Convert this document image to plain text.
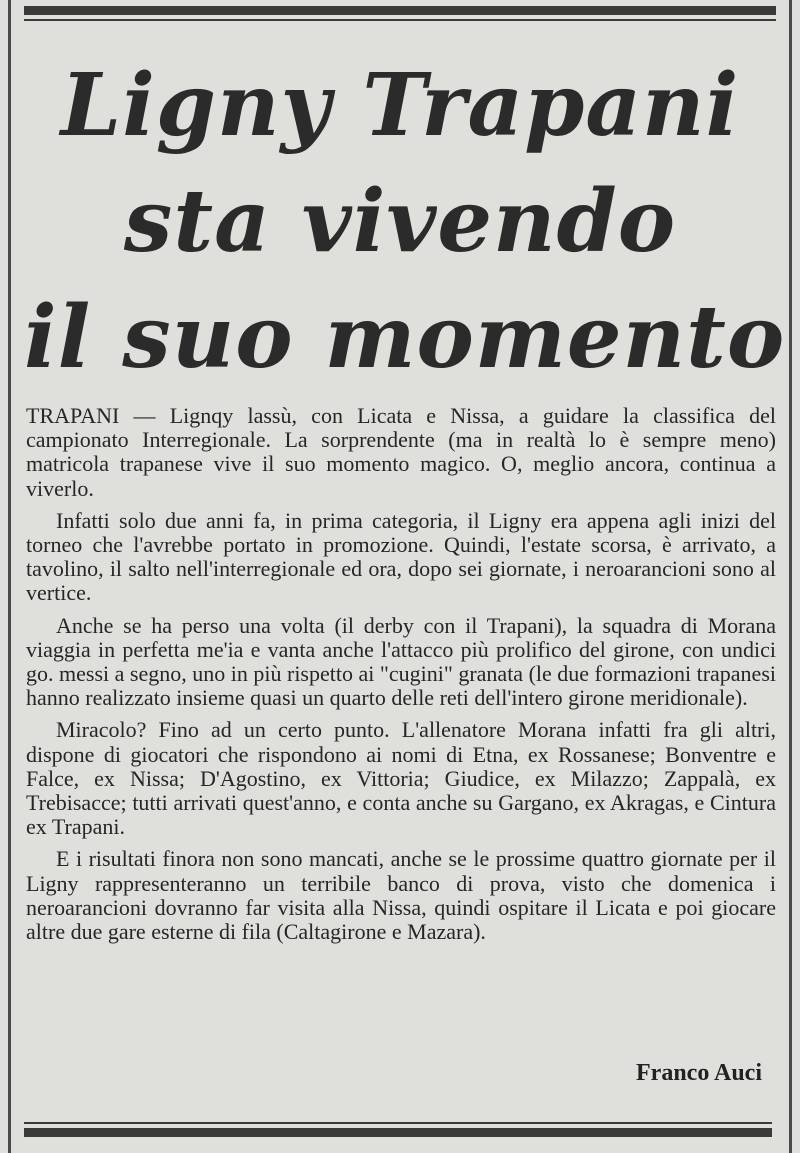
Ligny Trapani
sta vivendo
il suo momento

TRAPANI — Lignqy lassù, con Licata e Nissa, a guidare la classifica del campionato Interregionale. La sorprendente (ma in realtà lo è sempre meno) matricola trapanese vive il suo momento magico. O, meglio ancora, continua a viverlo.

Infatti solo due anni fa, in prima categoria, il Ligny era appena agli inizi del torneo che l'avrebbe portato in promozione. Quindi, l'estate scorsa, è arrivato, a tavolino, il salto nell'interregionale ed ora, dopo sei giornate, i neroarancioni sono al vertice.

Anche se ha perso una volta (il derby con il Trapani), la squadra di Morana viaggia in perfetta me'ia e vanta anche l'attacco più prolifico del girone, con undici go. messi a segno, uno in più rispetto ai "cugini" granata (le due formazioni trapanesi hanno realizzato insieme quasi un quarto delle reti dell'intero girone meridionale).

Miracolo? Fino ad un certo punto. L'allenatore Morana infatti fra gli altri, dispone di giocatori che rispondono ai nomi di Etna, ex Rossanese; Bonventre e Falce, ex Nissa; D'Agostino, ex Vittoria; Giudice, ex Milazzo; Zappalà, ex Trebisacce; tutti arrivati quest'anno, e conta anche su Gargano, ex Akragas, e Cintura ex Trapani.

E i risultati finora non sono mancati, anche se le prossime quattro giornate per il Ligny rappresenteranno un terribile banco di prova, visto che domenica i neroarancioni dovranno far visita alla Nissa, quindi ospitare il Licata e poi giocare altre due gare esterne di fila (Caltagirone e Mazara).

Franco Auci
